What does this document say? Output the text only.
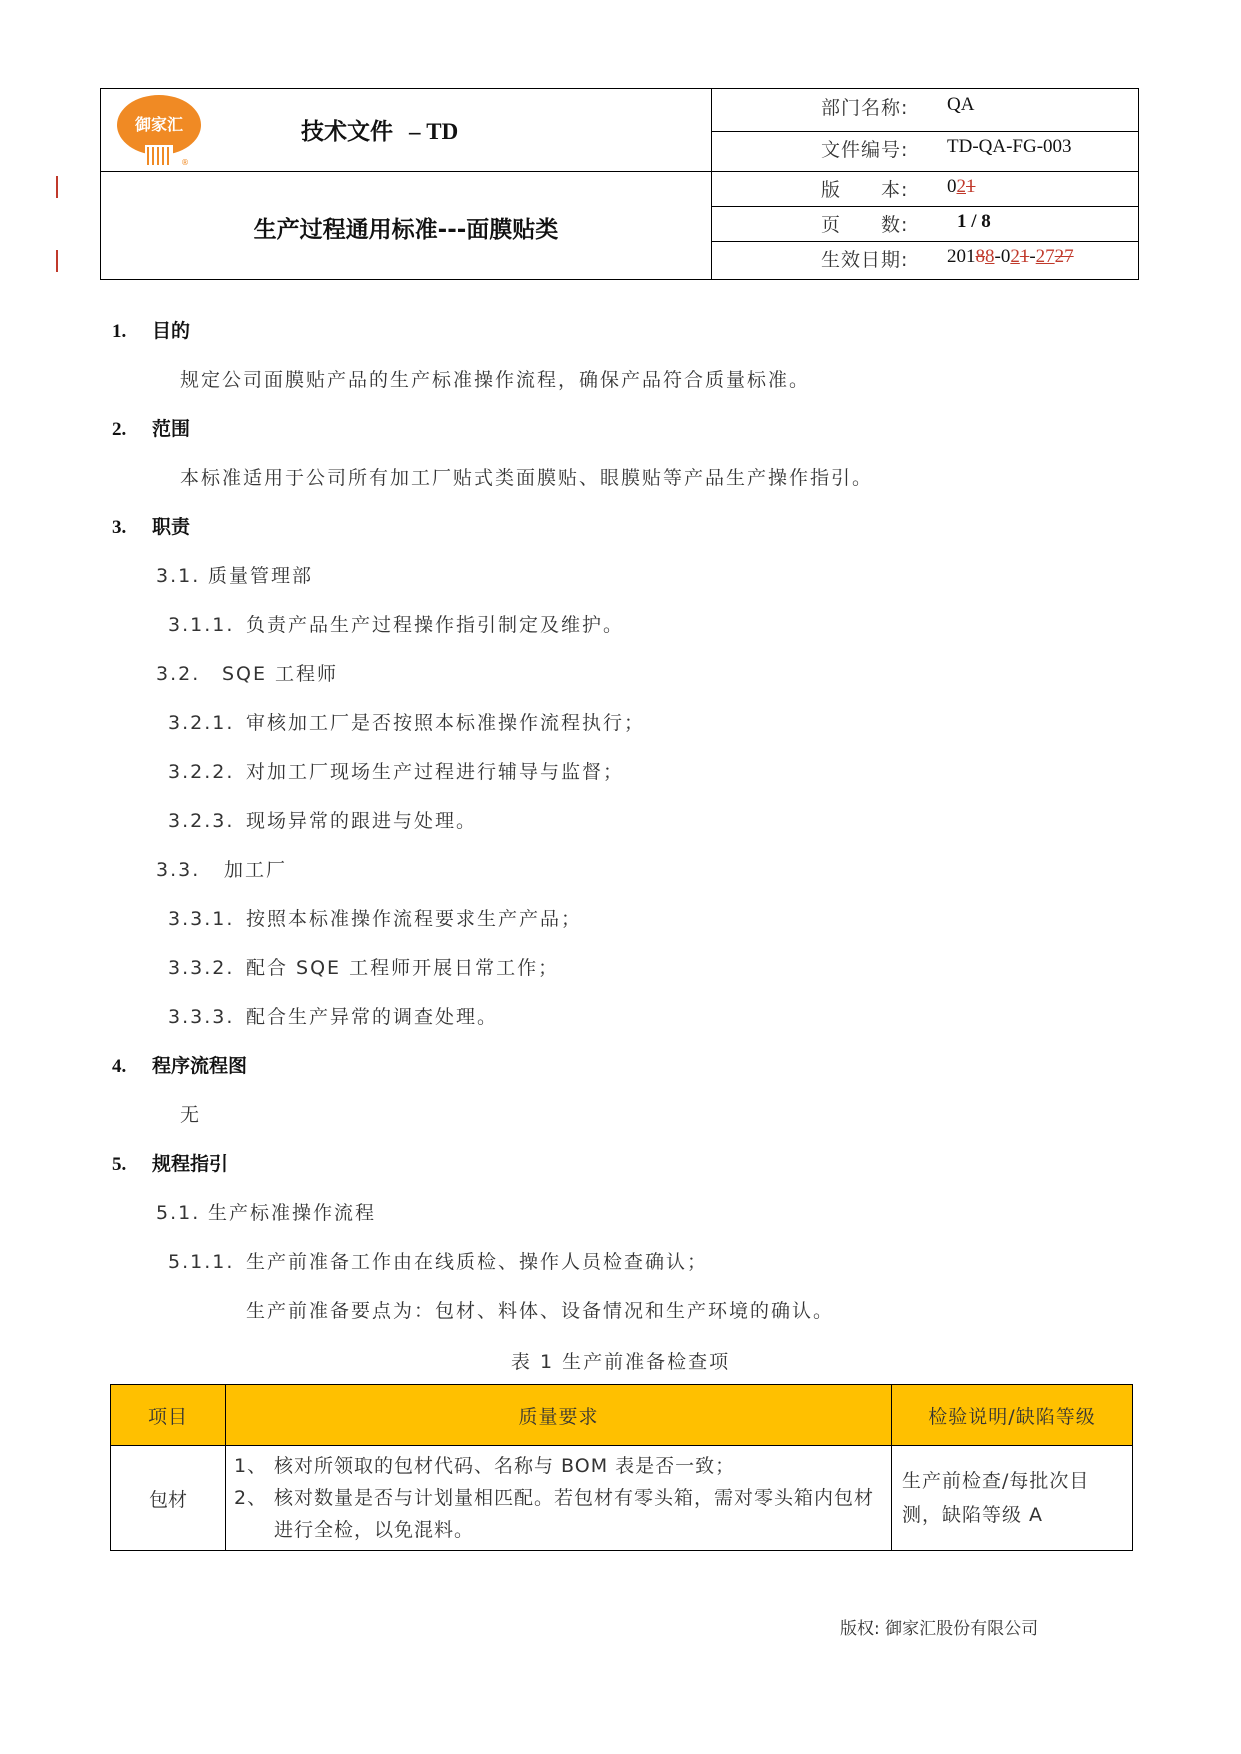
御家汇
®
技术文件 – TD
生产过程通用标准---面膜贴类
部门名称: QA
文件编号: TD-QA-FG-003
版　　本: 021
页　　数:	1 / 8
生效日期: 20188-021-2727
1. 目的
规定公司面膜贴产品的生产标准操作流程，确保产品符合质量标准。
2. 范围
本标准适用于公司所有加工厂贴式类面膜贴、眼膜贴等产品生产操作指引。
3. 职责
3.1. 质量管理部
3.1.1. 负责产品生产过程操作指引制定及维护。
3.2. SQE 工程师
3.2.1. 审核加工厂是否按照本标准操作流程执行；
3.2.2. 对加工厂现场生产过程进行辅导与监督；
3.2.3. 现场异常的跟进与处理。
3.3. 加工厂
3.3.1. 按照本标准操作流程要求生产产品；
3.3.2. 配合 SQE 工程师开展日常工作；
3.3.3. 配合生产异常的调查处理。
4. 程序流程图
无
5. 规程指引
5.1. 生产标准操作流程
5.1.1. 生产前准备工作由在线质检、操作人员检查确认；
生产前准备要点为：包材、料体、设备情况和生产环境的确认。
表 1 生产前准备检查项
项目	质量要求	检验说明/缺陷等级
包材	1、 核对所领取的包材代码、名称与 BOM 表是否一致；
2、 核对数量是否与计划量相匹配。若包材有零头箱，需对零头箱内包材进行全检，以免混料。	生产前检查/每批次目测，缺陷等级 A
版权: 御家汇股份有限公司
